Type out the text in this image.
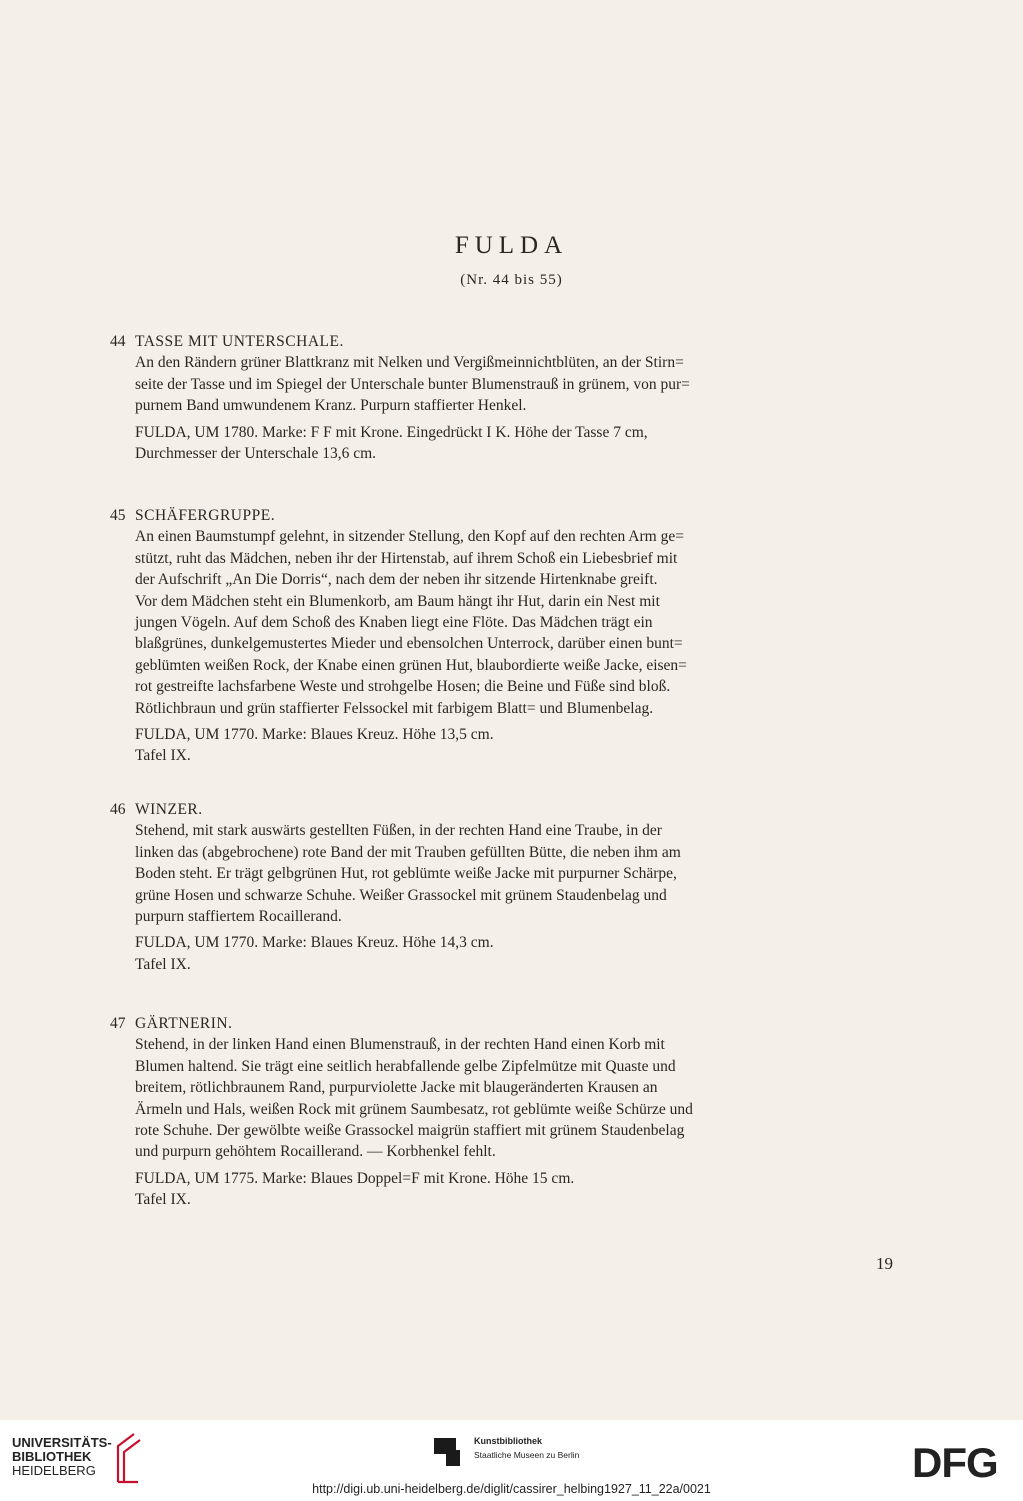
FULDA
(Nr. 44 bis 55)
44 TASSE MIT UNTERSCHALE.

An den Rändern grüner Blattkranz mit Nelken und Vergißmeinnichtblüten, an der Stirn=

seite der Tasse und im Spiegel der Unterschale bunter Blumenstrauß in grünem, von pur=

purnem Band umwundenem Kranz. Purpurn staffierter Henkel.

FULDA, UM 1780. Marke: F F mit Krone. Eingedrückt I K. Höhe der Tasse 7 cm,

Durchmesser der Unterschale 13,6 cm.

45 SCHÄFERGRUPPE.

An einen Baumstumpf gelehnt, in sitzender Stellung, den Kopf auf den rechten Arm ge=

stützt, ruht das Mädchen, neben ihr der Hirtenstab, auf ihrem Schoß ein Liebesbrief mit

der Aufschrift „An Die Dorris“, nach dem der neben ihr sitzende Hirtenknabe greift.

Vor dem Mädchen steht ein Blumenkorb, am Baum hängt ihr Hut, darin ein Nest mit

jungen Vögeln. Auf dem Schoß des Knaben liegt eine Flöte. Das Mädchen trägt ein

blaßgrünes, dunkelgemustertes Mieder und ebensolchen Unterrock, darüber einen bunt=

geblümten weißen Rock, der Knabe einen grünen Hut, blaubordierte weiße Jacke, eisen=

rot gestreifte lachsfarbene Weste und strohgelbe Hosen; die Beine und Füße sind bloß.

Rötlichbraun und grün staffierter Felssockel mit farbigem Blatt= und Blumenbelag.

FULDA, UM 1770. Marke: Blaues Kreuz. Höhe 13,5 cm.

Tafel IX.

46 WINZER.

Stehend, mit stark auswärts gestellten Füßen, in der rechten Hand eine Traube, in der

linken das (abgebrochene) rote Band der mit Trauben gefüllten Bütte, die neben ihm am

Boden steht. Er trägt gelbgrünen Hut, rot geblümte weiße Jacke mit purpurner Schärpe,

grüne Hosen und schwarze Schuhe. Weißer Grassockel mit grünem Staudenbelag und

purpurn staffiertem Rocaillerand.

FULDA, UM 1770. Marke: Blaues Kreuz. Höhe 14,3 cm.

Tafel IX.

47 GÄRTNERIN.

Stehend, in der linken Hand einen Blumenstrauß, in der rechten Hand einen Korb mit

Blumen haltend. Sie trägt eine seitlich herabfallende gelbe Zipfelmütze mit Quaste und

breitem, rötlichbraunem Rand, purpurviolette Jacke mit blaugeränderten Krausen an

Ärmeln und Hals, weißen Rock mit grünem Saumbesatz, rot geblümte weiße Schürze und

rote Schuhe. Der gewölbte weiße Grassockel maigrün staffiert mit grünem Staudenbelag

und purpurn gehöhtem Rocaillerand. — Korbhenkel fehlt.

FULDA, UM 1775. Marke: Blaues Doppel=F mit Krone. Höhe 15 cm.

Tafel IX.

19
UNIVERSITÄTS-
BIBLIOTHEK
HEIDELBERG
Kunstbibliothek
Staatliche Museen zu Berlin	DFG
http://digi.ub.uni-heidelberg.de/diglit/cassirer_helbing1927_11_22a/0021
